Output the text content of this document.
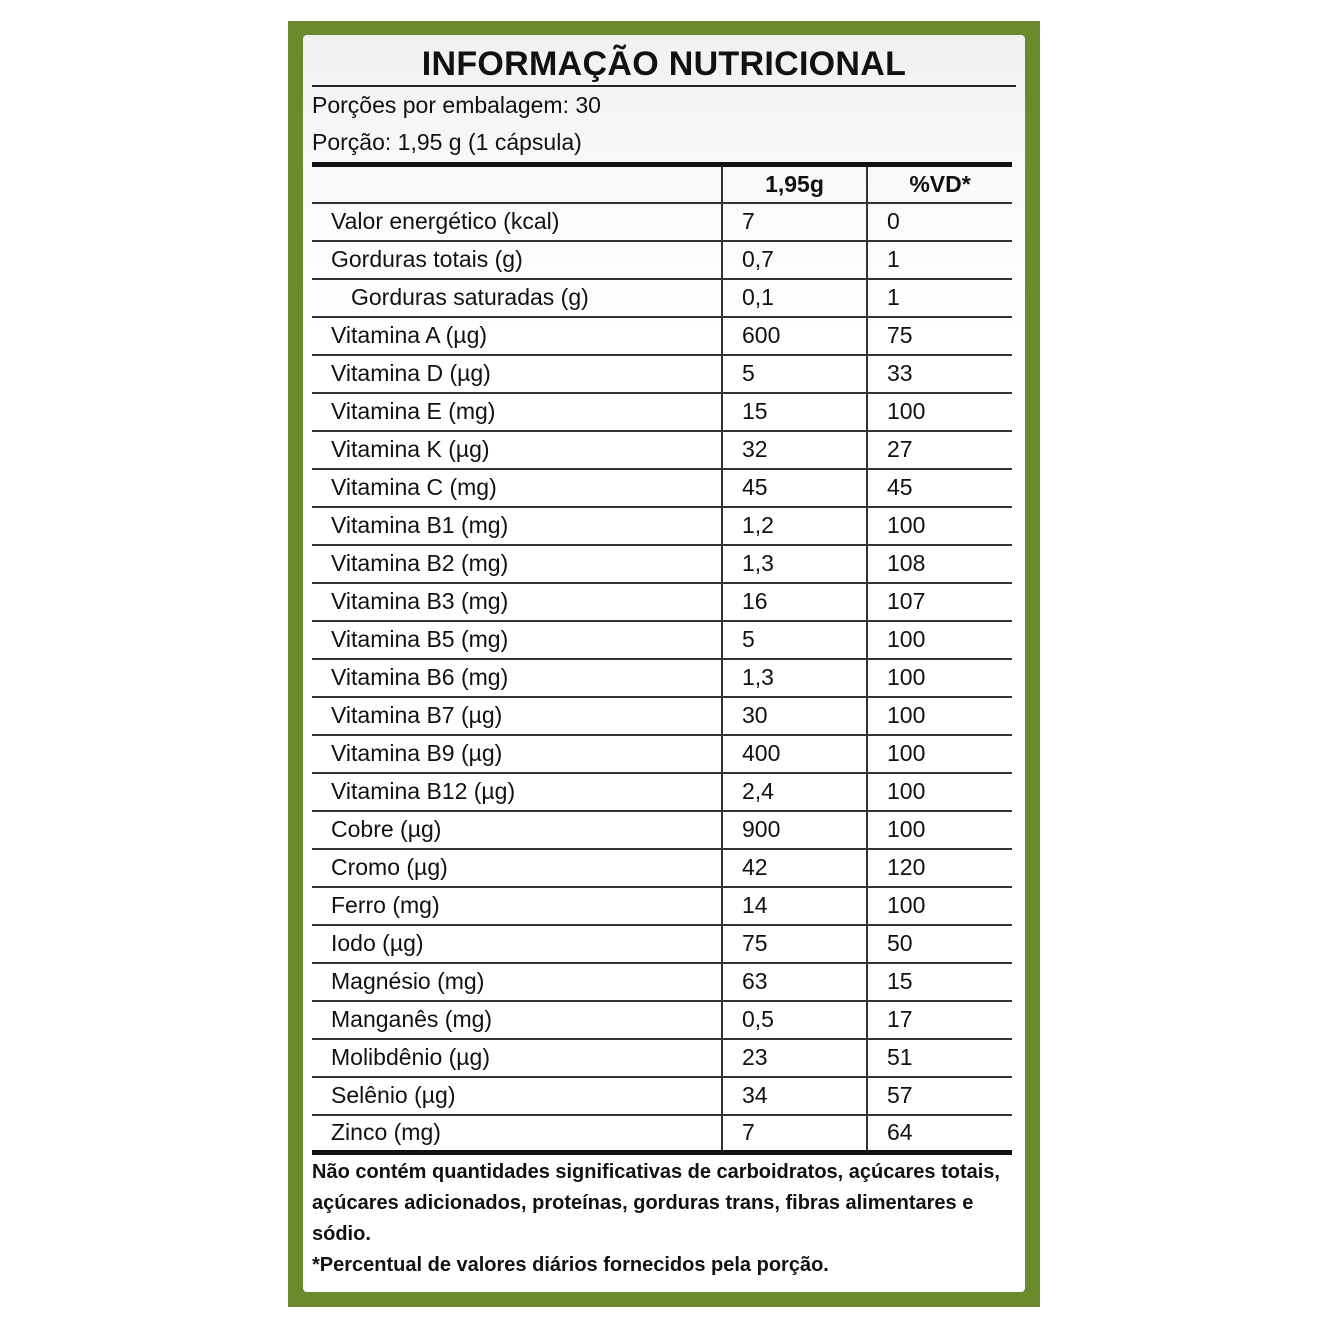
INFORMAÇÃO NUTRICIONAL
Porções por embalagem: 30
Porção: 1,95 g (1 cápsula)
	1,95g	%VD*
Valor energético (kcal)	7	0
Gorduras totais (g)	0,7	1
Gorduras saturadas (g)	0,1	1
Vitamina A (µg)	600	75
Vitamina D (µg)	5	33
Vitamina E (mg)	15	100
Vitamina K (µg)	32	27
Vitamina C (mg)	45	45
Vitamina B1 (mg)	1,2	100
Vitamina B2 (mg)	1,3	108
Vitamina B3 (mg)	16	107
Vitamina B5 (mg)	5	100
Vitamina B6 (mg)	1,3	100
Vitamina B7 (µg)	30	100
Vitamina B9 (µg)	400	100
Vitamina B12 (µg)	2,4	100
Cobre (µg)	900	100
Cromo (µg)	42	120
Ferro (mg)	14	100
Iodo (µg)	75	50
Magnésio (mg)	63	15
Manganês (mg)	0,5	17
Molibdênio (µg)	23	51
Selênio (µg)	34	57
Zinco (mg)	7	64

Não contém quantidades significativas de carboidratos, açúcares totais, açúcares adicionados, proteínas, gorduras trans, fibras alimentares e sódio.

*Percentual de valores diários fornecidos pela porção.
